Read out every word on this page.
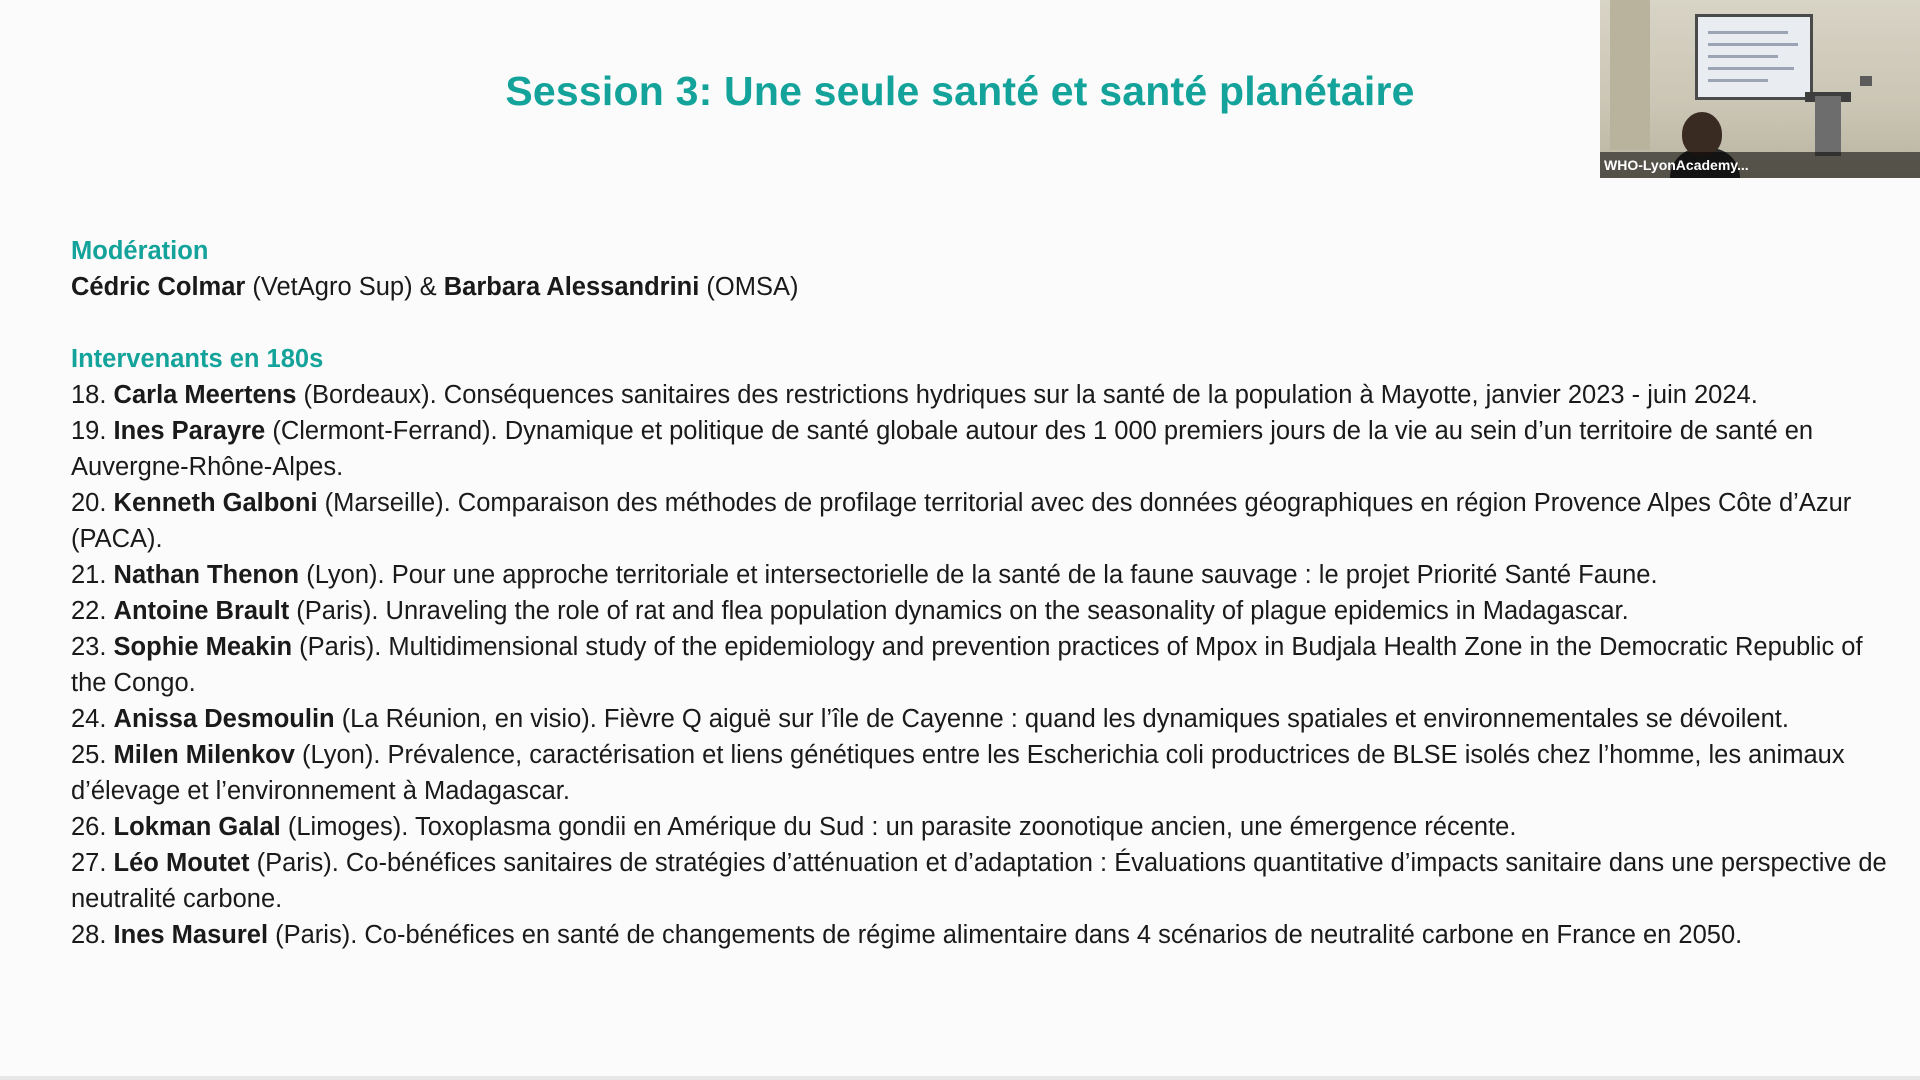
Session 3: Une seule santé et santé planétaire

Modération

Cédric Colmar (VetAgro Sup) & Barbara Alessandrini (OMSA)

Intervenants en 180s

18. Carla Meertens (Bordeaux). Conséquences sanitaires des restrictions hydriques sur la santé de la population à Mayotte, janvier 2023 - juin 2024.
19. Ines Parayre (Clermont-Ferrand). Dynamique et politique de santé globale autour des 1 000 premiers jours de la vie au sein d’un territoire de santé en Auvergne-Rhône-Alpes.
20. Kenneth Galboni (Marseille). Comparaison des méthodes de profilage territorial avec des données géographiques en région Provence Alpes Côte d’Azur (PACA).
21. Nathan Thenon (Lyon). Pour une approche territoriale et intersectorielle de la santé de la faune sauvage : le projet Priorité Santé Faune.
22. Antoine Brault (Paris). Unraveling the role of rat and flea population dynamics on the seasonality of plague epidemics in Madagascar.
23. Sophie Meakin (Paris). Multidimensional study of the epidemiology and prevention practices of Mpox in Budjala Health Zone in the Democratic Republic of the Congo.
24. Anissa Desmoulin (La Réunion, en visio). Fièvre Q aiguë sur l’île de Cayenne : quand les dynamiques spatiales et environnementales se dévoilent.
25. Milen Milenkov (Lyon). Prévalence, caractérisation et liens génétiques entre les Escherichia coli productrices de BLSE isolés chez l’homme, les animaux d’élevage et l’environnement à Madagascar.
26. Lokman Galal (Limoges). Toxoplasma gondii en Amérique du Sud : un parasite zoonotique ancien, une émergence récente.
27. Léo Moutet (Paris). Co-bénéfices sanitaires de stratégies d’atténuation et d’adaptation : Évaluations quantitative d’impacts sanitaire dans une perspective de neutralité carbone.
28. Ines Masurel (Paris). Co-bénéfices en santé de changements de régime alimentaire dans 4 scénarios de neutralité carbone en France en 2050.
WHO-LyonAcademy...
